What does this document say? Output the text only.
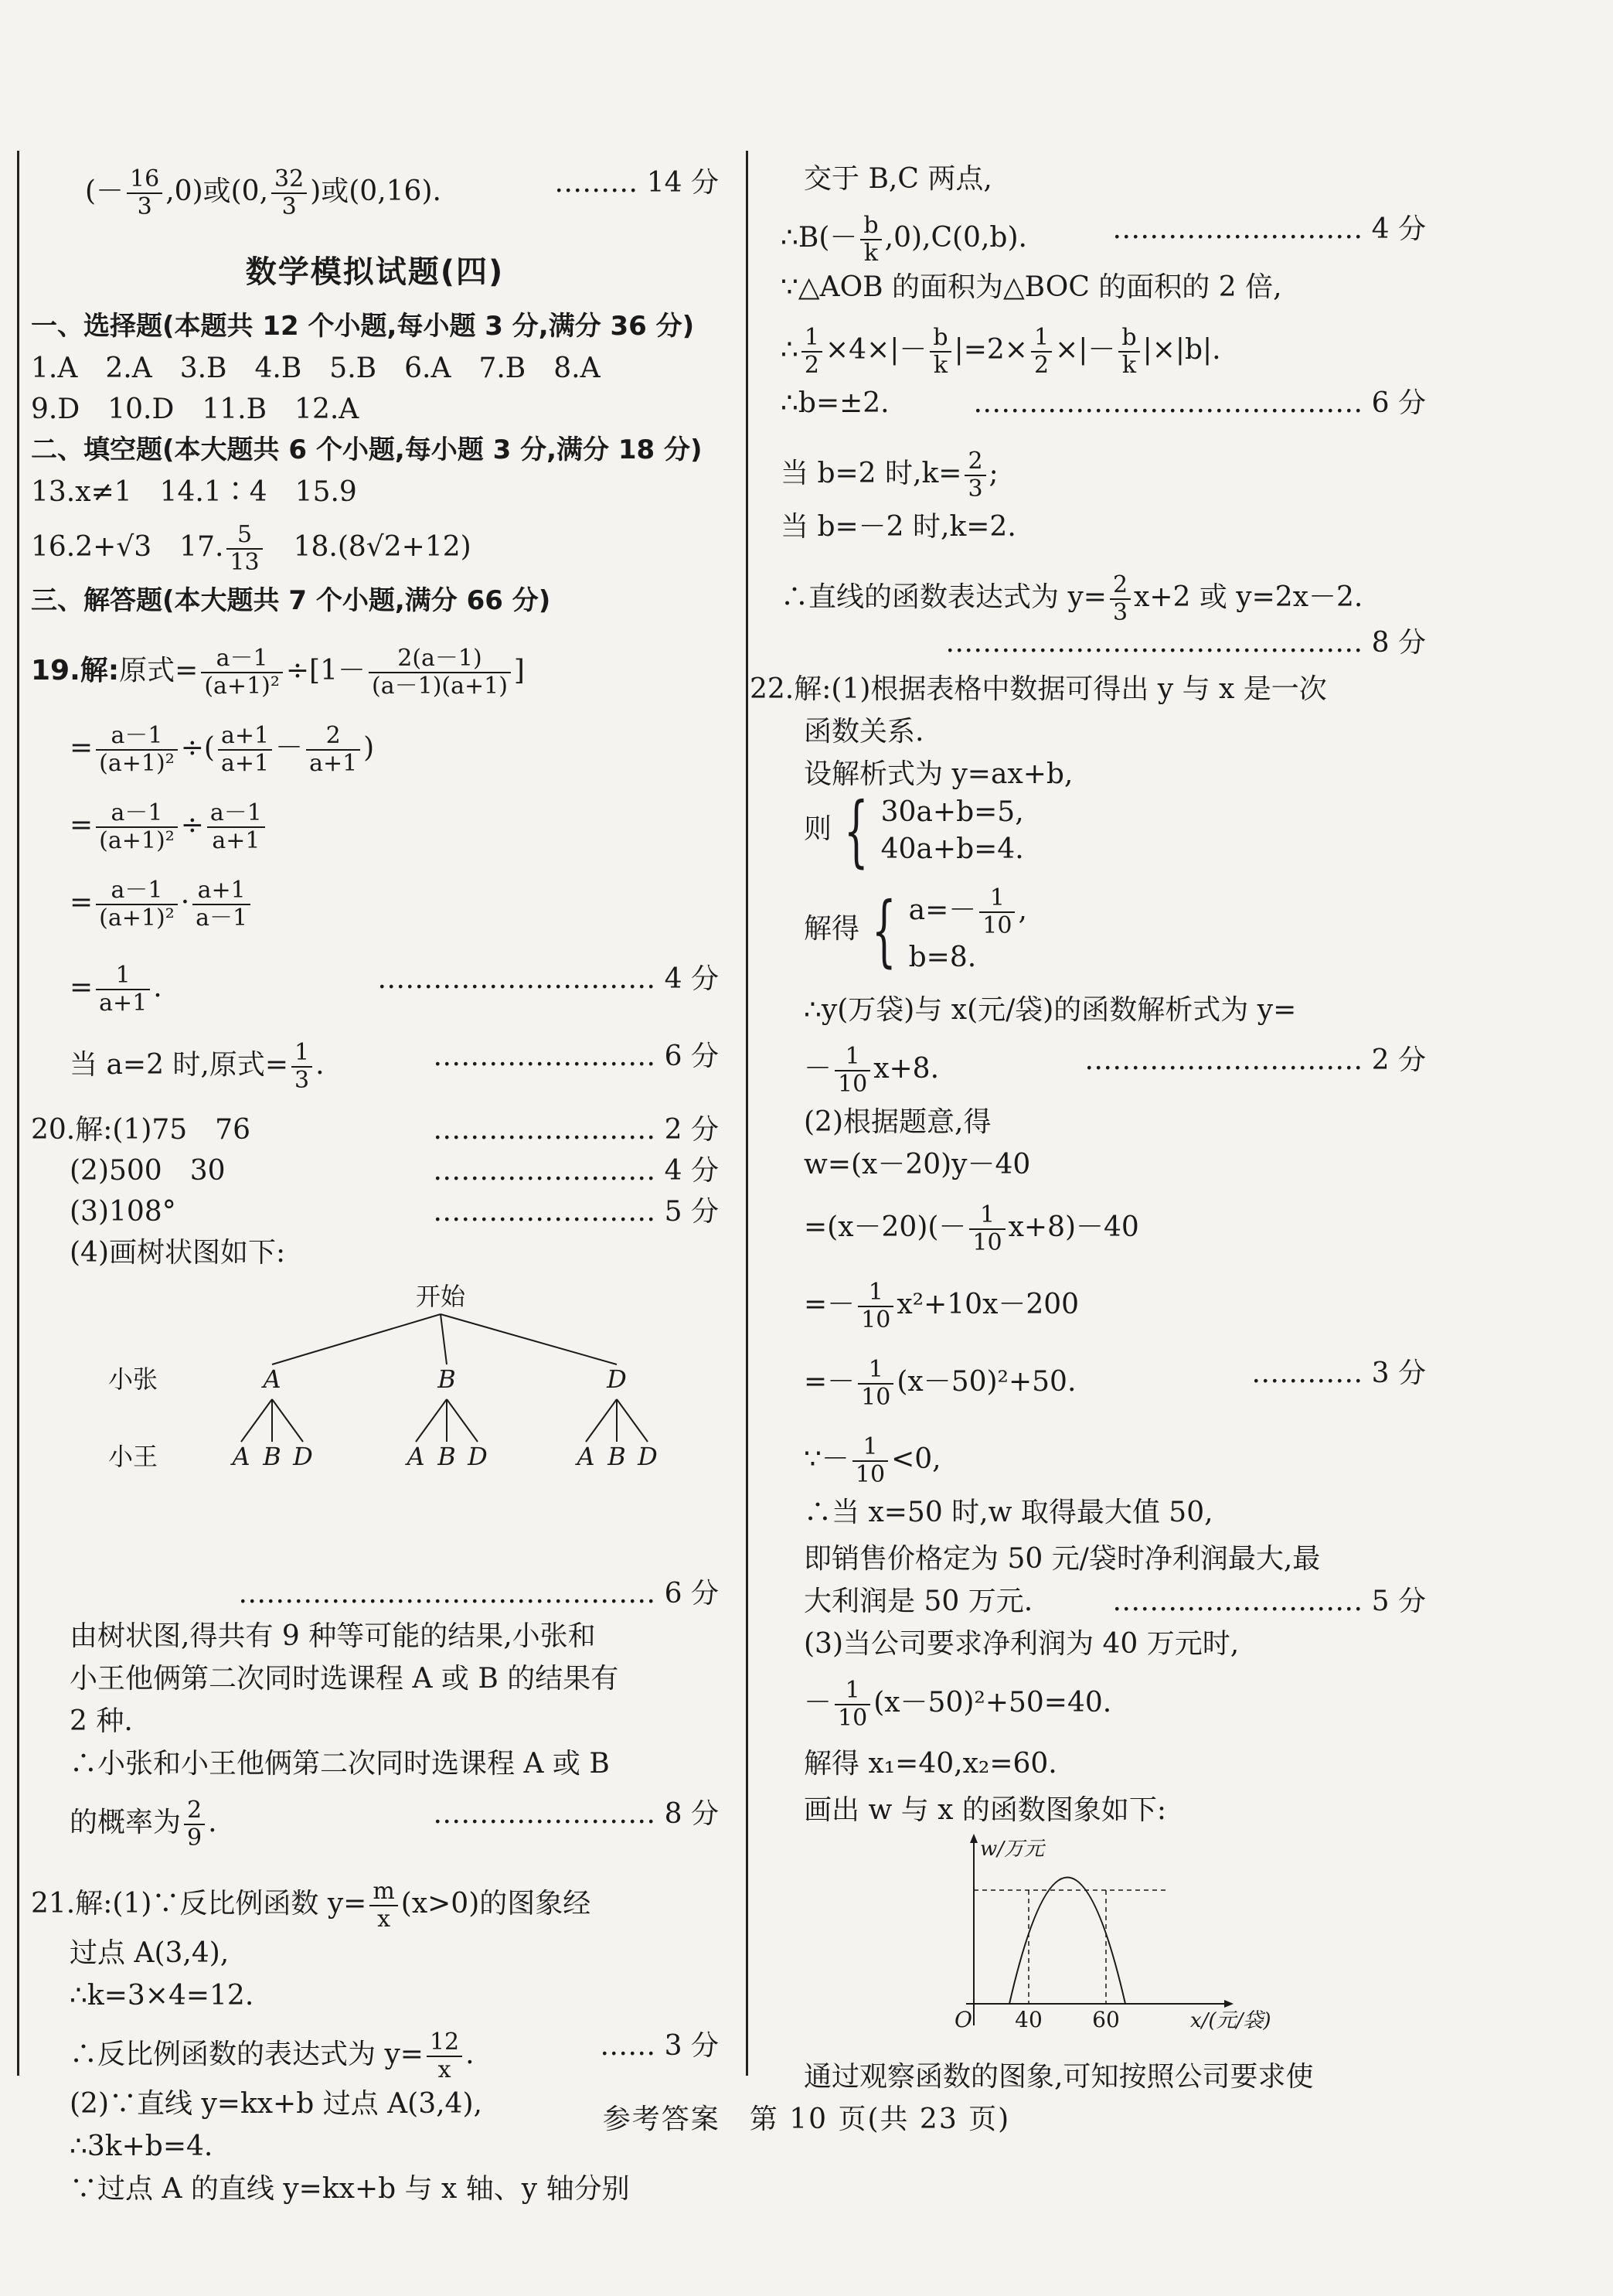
(－ $\frac{16}{3} ,0$)或(0, $\frac{32}{3}$ )或(0,16).	……… 14 分
数学模拟试题(四)
一、选择题(本题共 12 个小题,每小题 3 分,满分 36 分)
1.A　2.A　3.B　4.B　5.B　6.A　7.B　8.A
9.D　10.D　11.B　12.A
二、填空题(本大题共 6 个小题,每小题 3 分,满分 18 分)
13.x≠1　14.1∶4　15.9
16.2+√3　17. $\frac{5}{13}$ 　18.(8√2+12)
三、解答题(本大题共 7 个小题,满分 66 分)
19.解:原式= $\frac{a-1}{\text{(a+1)²}} \div[1- \frac{2(a-1)}{(a-1)(a+1)}$ ]
= $\frac{a-1}{\text{(a+1)²}}$ ÷( $\frac{a+1}{a+1} - \frac{2}{a+1}$ )
= $\frac{a-1}{\text{(a+1)²}} \div \frac{a-1}{a+1}$
= $\frac{a-1}{\text{(a+1)²}} \cdot \frac{a+1}{a-1}$
= $\frac{1}{a+1}$ .	………………………… 4 分
当 a=2 时,原式= $\frac{1}{3}$ .	…………………… 6 分
20.解:(1)75　76	…………………… 2 分
(2)500　30	…………………… 4 分
(3)108°	…………………… 5 分
(4)画树状图如下:
开始
小张
小王
A	B	D
A B D	A B D	A B D
……………………………………… 6 分
由树状图,得共有 9 种等可能的结果,小张和
小王他俩第二次同时选课程 A 或 B 的结果有
2 种.
∴小张和小王他俩第二次同时选课程 A 或 B
的概率为 $\frac{2}{9}$ .	…………………… 8 分
21.解:(1)∵反比例函数 $y= \frac{m}{x} (x>0)$的图象经
过点 A(3,4),
∴k=3×4=12.
∴反比例函数的表达式为 $y= \frac{12}{x}$ .	…… 3 分
(2)∵直线 y=kx+b 过点 A(3,4),
∴3k+b=4.
∵过点 A 的直线 y=kx+b 与 x 轴、y 轴分别
交于 B,C 两点,
∴B(－ $\frac{b}{k} ,0),C(0,b)$.	……………………… 4 分
∵△AOB 的面积为△BOC 的面积的 2 倍,
∴ $\frac{1}{2} \times 4\times|- \frac{b}{k} |=2\times \frac{1}{2}$ ×|－ $\frac{b}{k} |\times|b|$.
∴b=±2.	…………………………………… 6 分
当 b=2 时$,k= \frac{2}{3}$ ;
当 b=－2 时,k=2.
∴直线的函数表达式为 $y= \frac{2}{3} x+2$ 或 y=2x－2.
……………………………………… 8 分
22.解:(1)根据表格中数据可得出 y 与 x 是一次
函数关系.
设解析式为 y=ax+b,
则 { 30a+b=5,
40a+b=4.
解得 { $a=- \frac{1}{10}$ ,
b=8.
∴y(万袋)与 x(元/袋)的函数解析式为 y=
－ $\frac{1}{10} x+8$.	………………………… 2 分
(2)根据题意,得
w=(x－20)y－40
$=(x-20)(- \frac{1}{10} x+8)-40$
=－ $\frac{1}{10} x^2+10x-200$
=－ $\frac{1}{10} (x-50)^2+50$.	………… 3 分
∵－ $\frac{1}{10} <0$,
∴当 x=50 时,w 取得最大值 50,
即销售价格定为 50 元/袋时净利润最大,最
大利润是 50 万元.	……………………… 5 分
(3)当公司要求净利润为 40 万元时,
－ $\frac{1}{10} (x-50)^2+50=40$.
解得 x₁=40,x₂=60.
画出 w 与 x 的函数图象如下:
w/万元
x/(元/袋)
O 40 60
通过观察函数的图象,可知按照公司要求使
参考答案　第 10 页(共 23 页)
